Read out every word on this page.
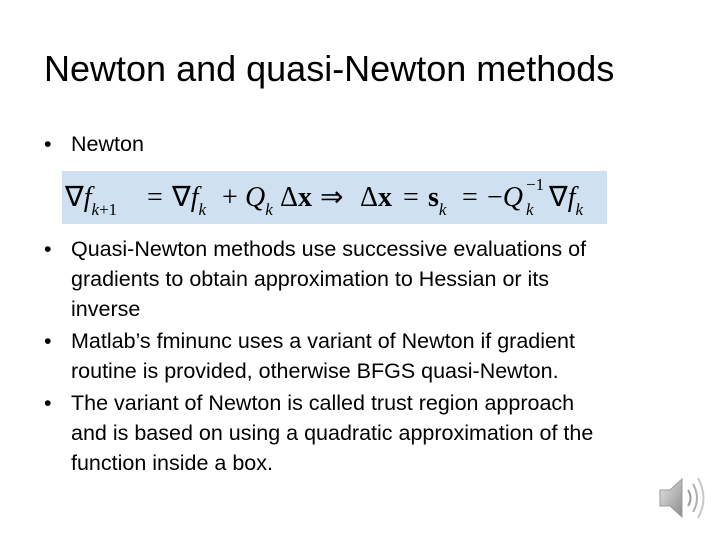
Newton and quasi-Newton methods
• Newton
$\nabla f_k+1 = \nabla f_k + Q_k$ Δx ⇒ $\Delta x = s_k = -Q -1$
k $\nabla f_k$
• Quasi-Newton methods use successive evaluations of
gradients to obtain approximation to Hessian or its
inverse
• Matlab’s fminunc uses a variant of Newton if gradient
routine is provided, otherwise BFGS quasi-Newton.
• The variant of Newton is called trust region approach
and is based on using a quadratic approximation of the
function inside a box.
